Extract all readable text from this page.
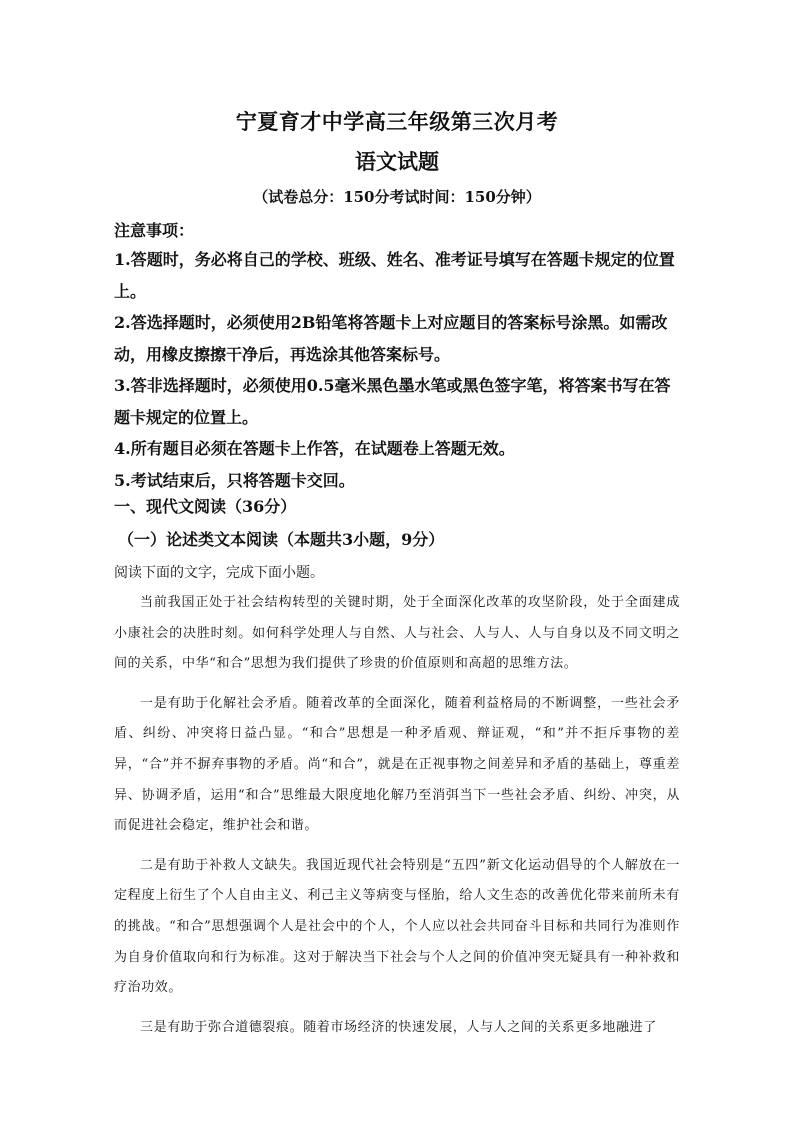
宁夏育才中学高三年级第三次月考
语文试题
（试卷总分：150分考试时间：150分钟）
注意事项：

1.答题时，务必将自己的学校、班级、姓名、准考证号填写在答题卡规定的位置上。

2.答选择题时，必须使用2B铅笔将答题卡上对应题目的答案标号涂黑。如需改动，用橡皮擦擦干净后，再选涂其他答案标号。

3.答非选择题时，必须使用0.5毫米黑色墨水笔或黑色签字笔，将答案书写在答题卡规定的位置上。

4.所有题目必须在答题卡上作答，在试题卷上答题无效。

5.考试结束后，只将答题卡交回。

一、现代文阅读（36分）
（一）论述类文本阅读（本题共3小题，9分）
阅读下面的文字，完成下面小题。

当前我国正处于社会结构转型的关键时期，处于全面深化改革的攻坚阶段，处于全面建成小康社会的决胜时刻。如何科学处理人与自然、人与社会、人与人、人与自身以及不同文明之间的关系，中华“和合”思想为我们提供了珍贵的价值原则和高超的思维方法。

一是有助于化解社会矛盾。随着改革的全面深化，随着利益格局的不断调整，一些社会矛盾、纠纷、冲突将日益凸显。“和合”思想是一种矛盾观、辩证观，“和”并不拒斥事物的差异，“合”并不摒弃事物的矛盾。尚“和合”，就是在正视事物之间差异和矛盾的基础上，尊重差异、协调矛盾，运用“和合”思维最大限度地化解乃至消弭当下一些社会矛盾、纠纷、冲突，从而促进社会稳定，维护社会和谐。

二是有助于补救人文缺失。我国近现代社会特别是“五四”新文化运动倡导的个人解放在一定程度上衍生了个人自由主义、利己主义等病变与怪胎，给人文生态的改善优化带来前所未有的挑战。“和合”思想强调个人是社会中的个人，个人应以社会共同奋斗目标和共同行为准则作为自身价值取向和行为标准。这对于解决当下社会与个人之间的价值冲突无疑具有一种补救和疗治功效。

三是有助于弥合道德裂痕。随着市场经济的快速发展，人与人之间的关系更多地融进了
